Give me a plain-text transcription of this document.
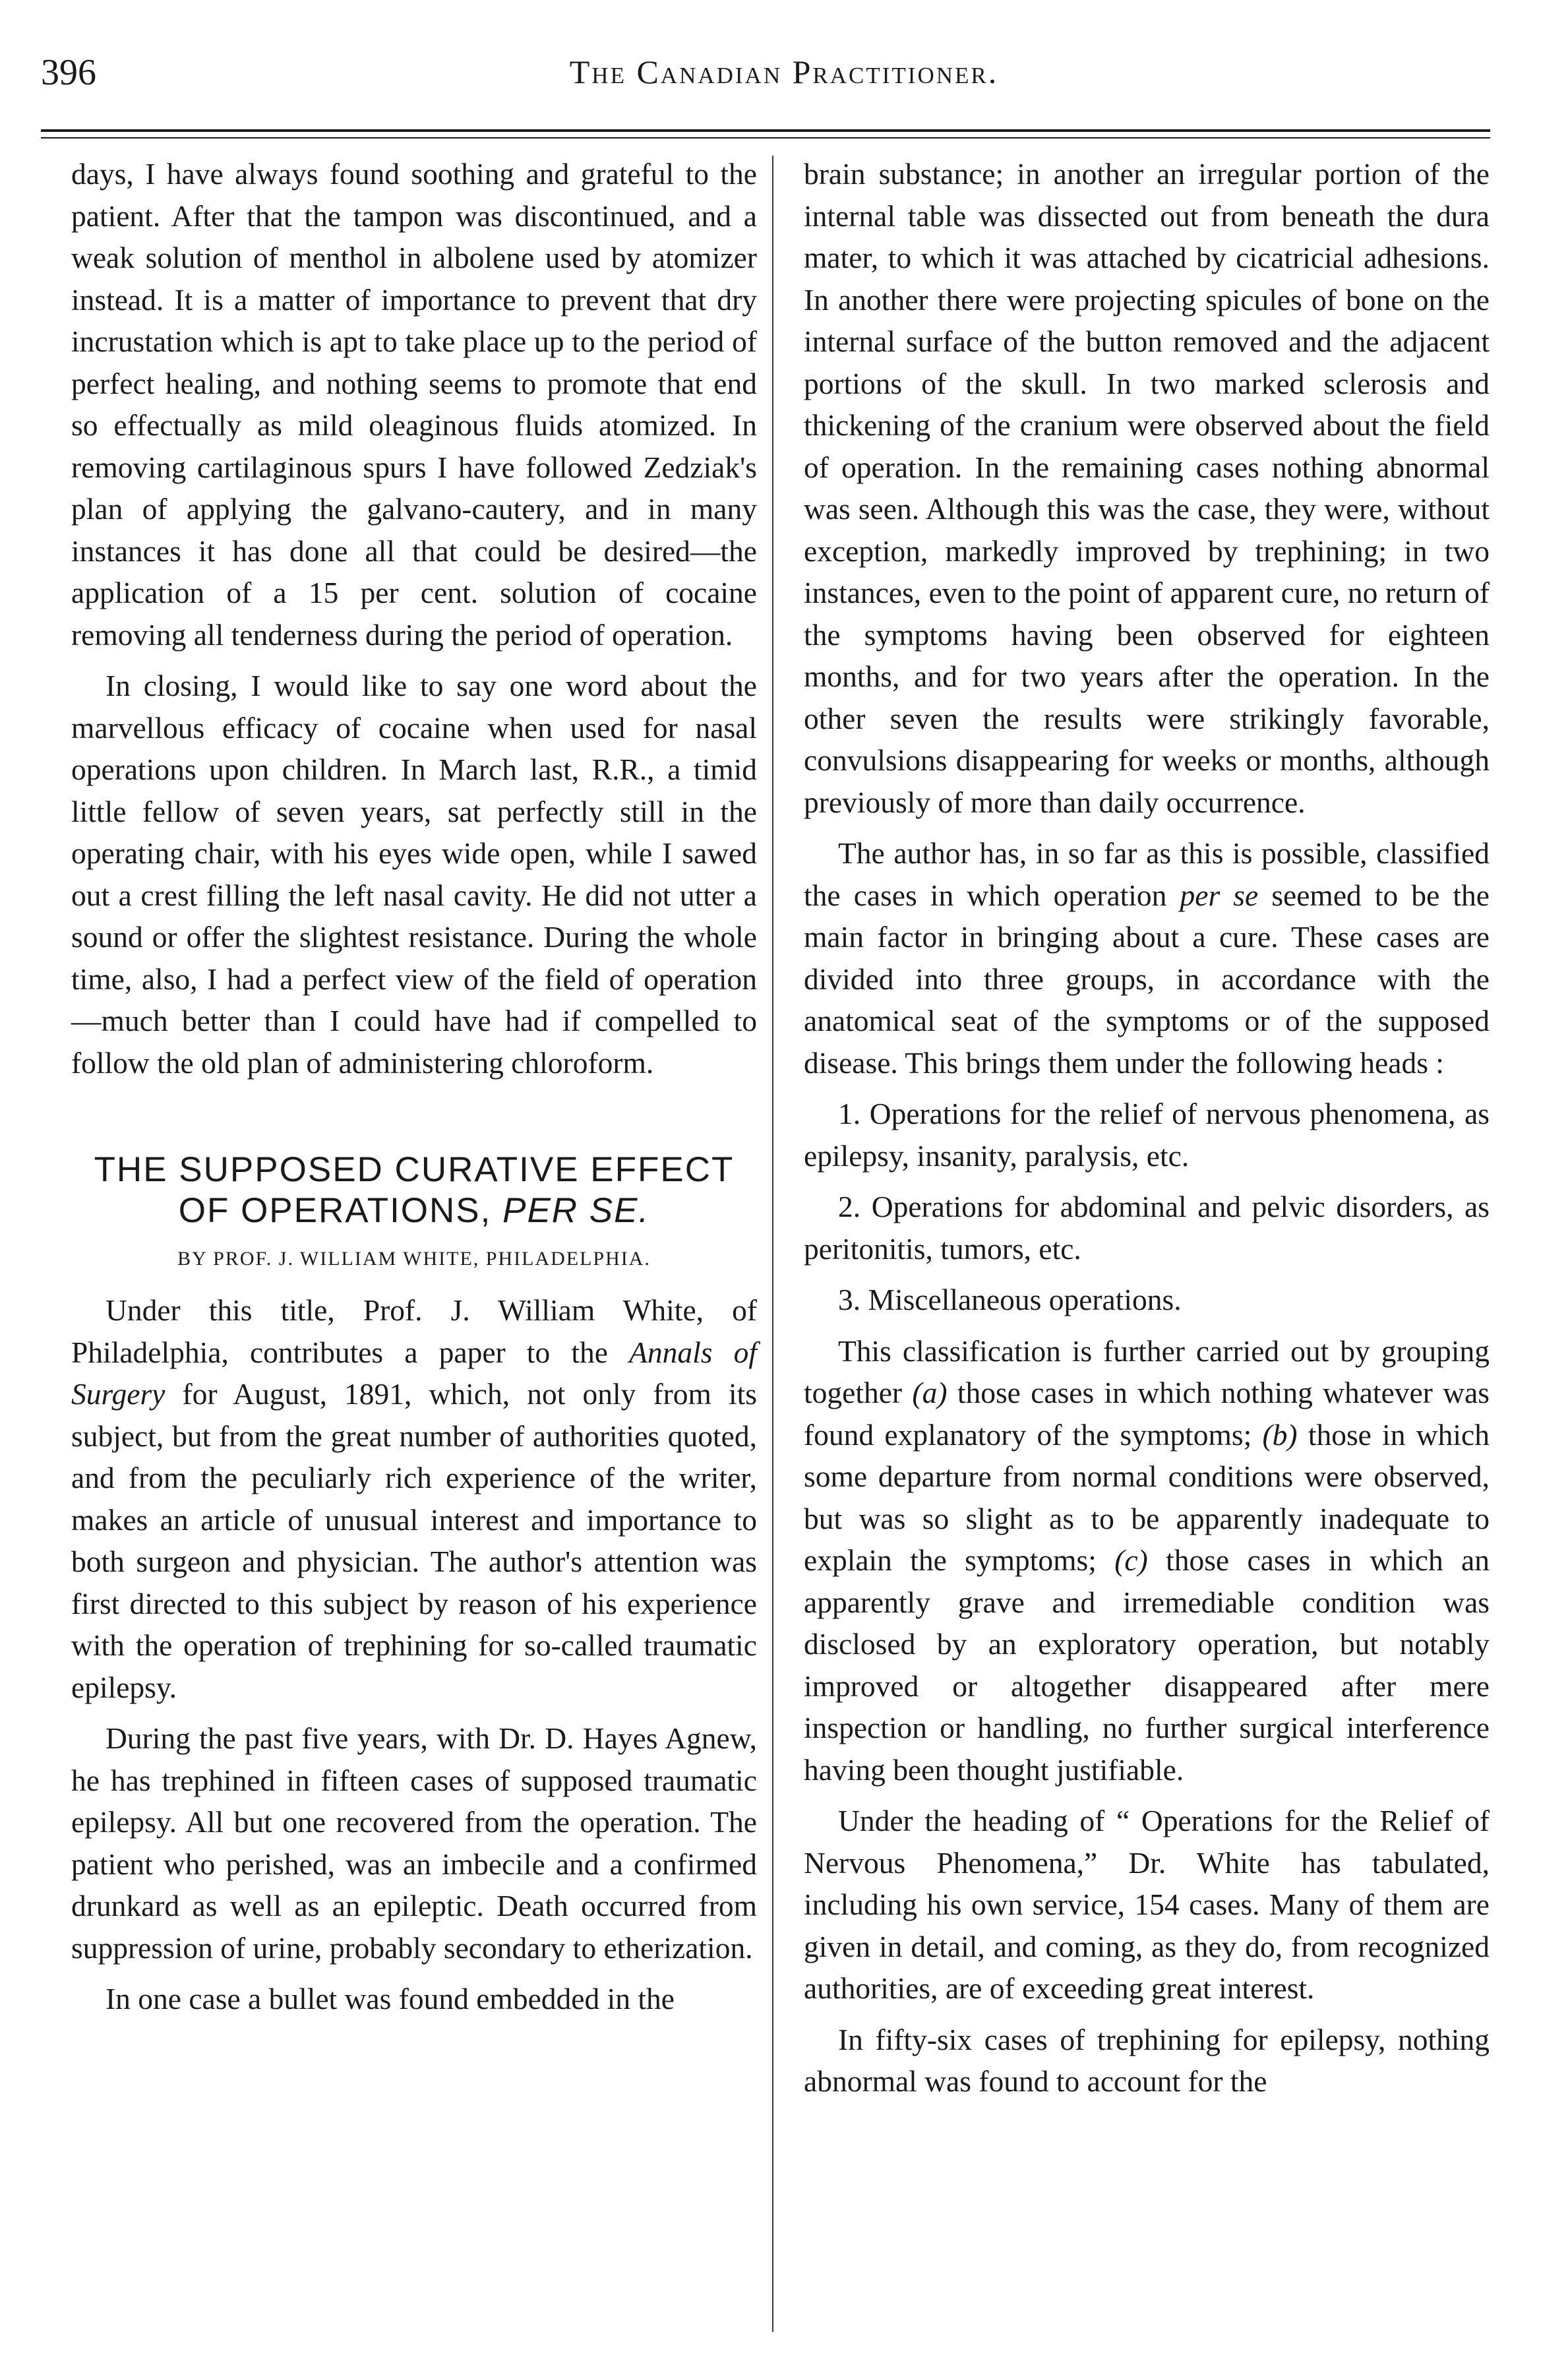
396	The Canadian Practitioner.

days, I have always found soothing and grateful to the patient. After that the tampon was discontinued, and a weak solution of menthol in albolene used by atomizer instead. It is a matter of importance to prevent that dry incrustation which is apt to take place up to the period of perfect healing, and nothing seems to promote that end so effectually as mild oleaginous fluids atomized. In removing cartilaginous spurs I have followed Zedziak's plan of applying the galvano-cautery, and in many instances it has done all that could be desired—the application of a 15 per cent. solution of cocaine removing all tenderness during the period of operation.

In closing, I would like to say one word about the marvellous efficacy of cocaine when used for nasal operations upon children. In March last, R.R., a timid little fellow of seven years, sat perfectly still in the operating chair, with his eyes wide open, while I sawed out a crest filling the left nasal cavity. He did not utter a sound or offer the slightest resistance. During the whole time, also, I had a perfect view of the field of operation—much better than I could have had if compelled to follow the old plan of administering chloroform.

THE SUPPOSED CURATIVE EFFECT
OF OPERATIONS, PER SE.
BY PROF. J. WILLIAM WHITE, PHILADELPHIA.

Under this title, Prof. J. William White, of Philadelphia, contributes a paper to the Annals of Surgery for August, 1891, which, not only from its subject, but from the great number of authorities quoted, and from the peculiarly rich experience of the writer, makes an article of unusual interest and importance to both surgeon and physician. The author's attention was first directed to this subject by reason of his experience with the operation of trephining for so-called traumatic epilepsy.

During the past five years, with Dr. D. Hayes Agnew, he has trephined in fifteen cases of supposed traumatic epilepsy. All but one recovered from the operation. The patient who perished, was an imbecile and a confirmed drunkard as well as an epileptic. Death occurred from suppression of urine, probably secondary to etherization.

In one case a bullet was found embedded in the

brain substance; in another an irregular portion of the internal table was dissected out from beneath the dura mater, to which it was attached by cicatricial adhesions. In another there were projecting spicules of bone on the internal surface of the button removed and the adjacent portions of the skull. In two marked sclerosis and thickening of the cranium were observed about the field of operation. In the remaining cases nothing abnormal was seen. Although this was the case, they were, without exception, markedly improved by trephining; in two instances, even to the point of apparent cure, no return of the symptoms having been observed for eighteen months, and for two years after the operation. In the other seven the results were strikingly favorable, convulsions disappearing for weeks or months, although previously of more than daily occurrence.

The author has, in so far as this is possible, classified the cases in which operation per se seemed to be the main factor in bringing about a cure. These cases are divided into three groups, in accordance with the anatomical seat of the symptoms or of the supposed disease. This brings them under the following heads :

1. Operations for the relief of nervous phenomena, as epilepsy, insanity, paralysis, etc.

2. Operations for abdominal and pelvic disorders, as peritonitis, tumors, etc.

3. Miscellaneous operations.

This classification is further carried out by grouping together (a) those cases in which nothing whatever was found explanatory of the symptoms; (b) those in which some departure from normal conditions were observed, but was so slight as to be apparently inadequate to explain the symptoms; (c) those cases in which an apparently grave and irremediable condition was disclosed by an exploratory operation, but notably improved or altogether disappeared after mere inspection or handling, no further surgical interference having been thought justifiable.

Under the heading of “ Operations for the Relief of Nervous Phenomena,” Dr. White has tabulated, including his own service, 154 cases. Many of them are given in detail, and coming, as they do, from recognized authorities, are of exceeding great interest.

In fifty-six cases of trephining for epilepsy, nothing abnormal was found to account for the
